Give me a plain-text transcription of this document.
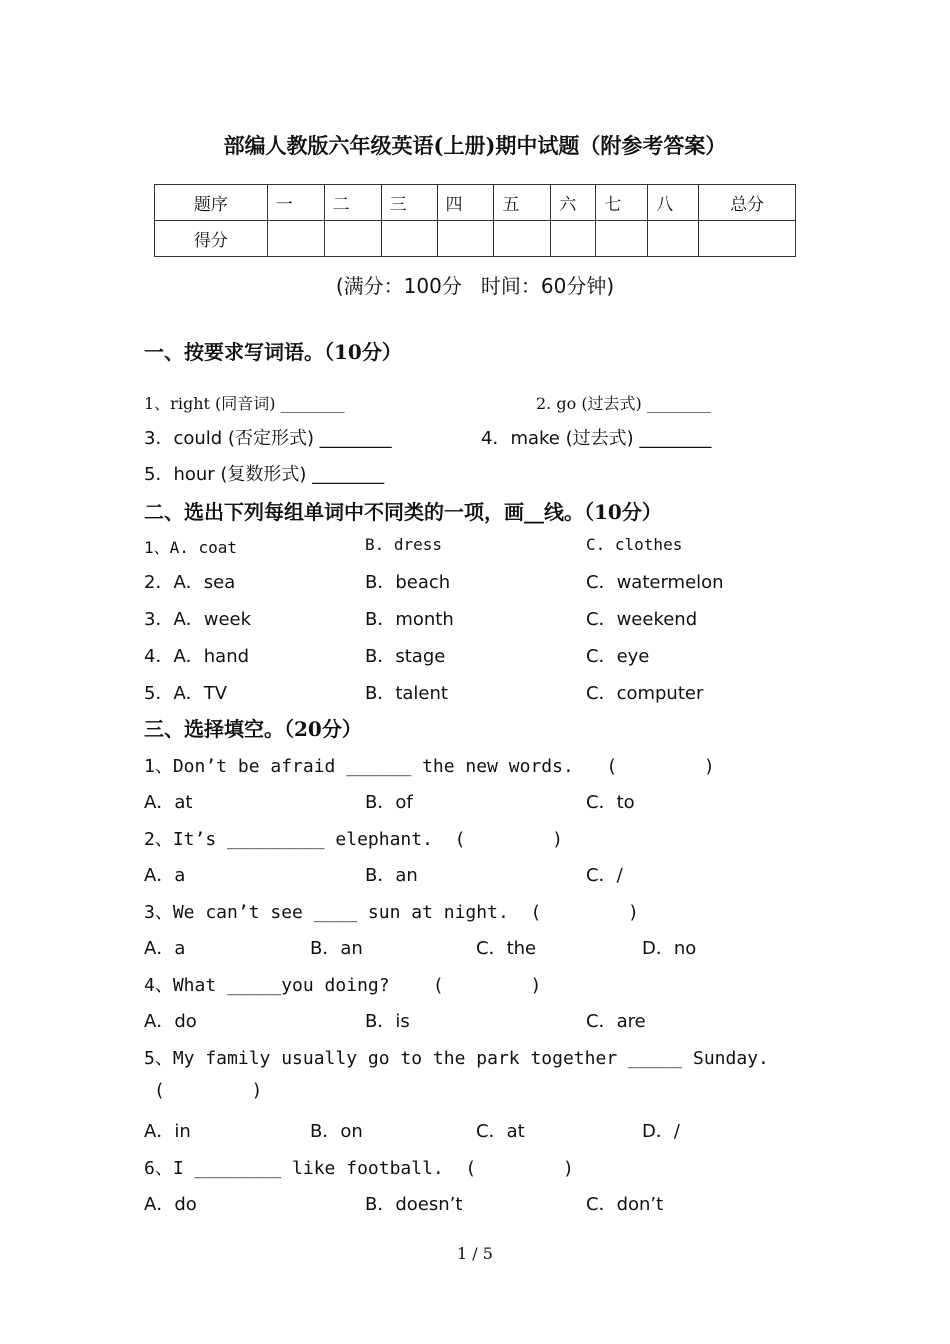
部编人教版六年级英语(上册)期中试题（附参考答案）
题序	一	二	三	四	五	六	七	八	总分
得分									
(满分：100分   时间：60分钟)
一、按要求写词语。（10分）
1、right (同音词) ________	2. go (过去式) ________
3．could (否定形式) ________	4．make (过去式) ________
5．hour (复数形式) ________
二、选出下列每组单词中不同类的一项，画__线。（10分）
1、A. coat	B. dress	C. clothes
2．A．sea	B．beach	C．watermelon
3．A．week	B．month	C．weekend
4．A．hand	B．stage	C．eye
5．A．TV	B．talent	C．computer
三、选择填空。（20分）
1、Don’t be afraid ______ the new words.   (        )
A．at	B．of	C．to
2、It’s _________ elephant.  (        )
A．a	B．an	C．/
3、We can’t see ____ sun at night.  (        )
A．a	B．an	C．the	D．no
4、What _____you doing?    (        )
A．do	B．is	C．are
5、My family usually go to the park together _____ Sunday.
(        )
A．in	B．on	C．at	D．/
6、I ________ like football.  (        )
A．do	B．doesn’t	C．don’t
1 / 5
